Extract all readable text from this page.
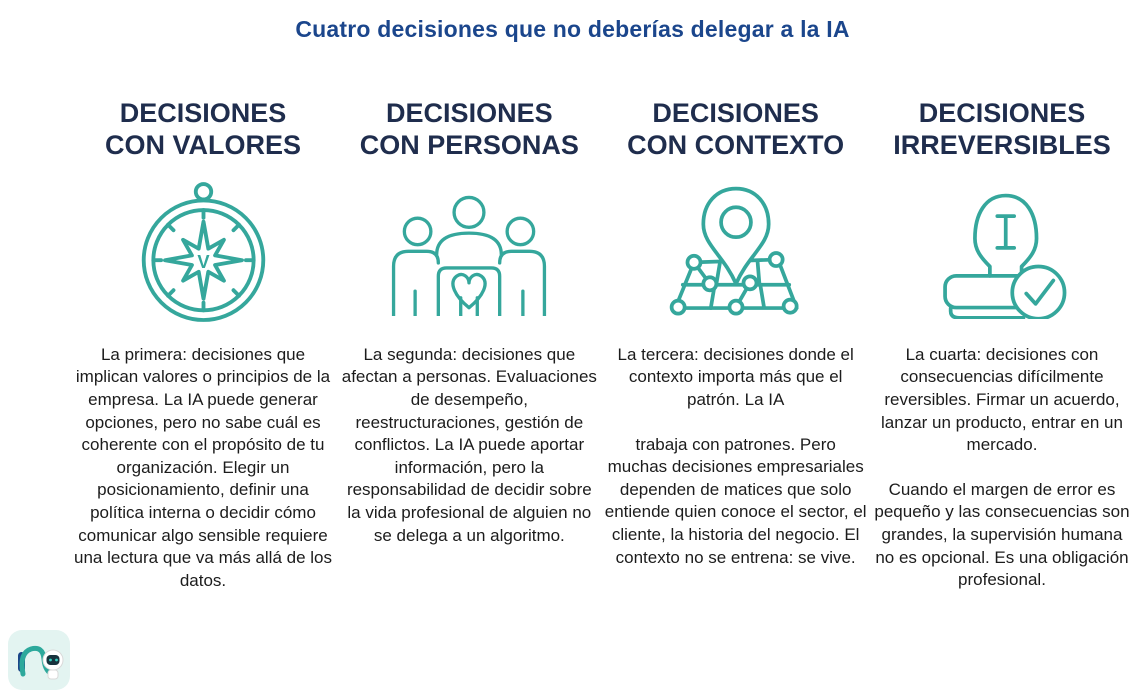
Cuatro decisiones que no deberías delegar a la IA
DECISIONES
CON VALORES
V

La primera: decisiones que implican valores o principios de la empresa. La IA puede generar opciones, pero no sabe cuál es coherente con el propósito de tu organización. Elegir un posicionamiento, definir una política interna o decidir cómo comunicar algo sensible requiere una lectura que va más allá de los datos.

DECISIONES
CON PERSONAS

La segunda: decisiones que afectan a personas. Evaluaciones de desempeño, reestructuraciones, gestión de conflictos. La IA puede aportar información, pero la responsabilidad de decidir sobre la vida profesional de alguien no se delega a un algoritmo.

DECISIONES
CON CONTEXTO

La tercera: decisiones donde el contexto importa más que el patrón. La IA

trabaja con patrones. Pero muchas decisiones empresariales dependen de matices que solo entiende quien conoce el sector, el cliente, la historia del negocio. El contexto no se entrena: se vive.

DECISIONES
IRREVERSIBLES

La cuarta: decisiones con consecuencias difícilmente reversibles. Firmar un acuerdo, lanzar un producto, entrar en un mercado.

Cuando el margen de error es pequeño y las consecuencias son grandes, la supervisión humana no es opcional. Es una obligación profesional.
